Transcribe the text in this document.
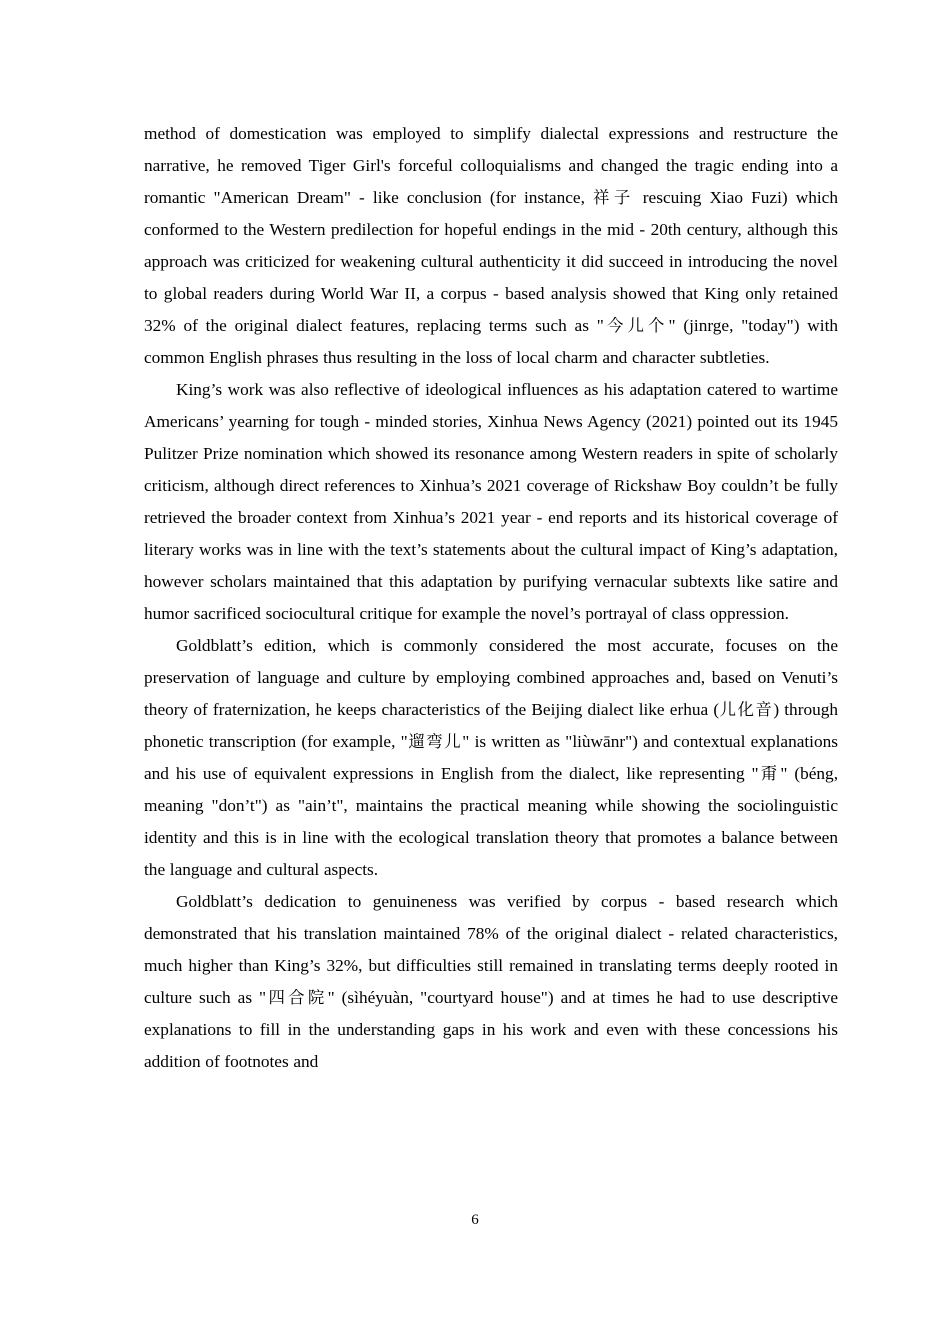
method of domestication was employed to simplify dialectal expressions and restructure the narrative, he removed Tiger Girl's forceful colloquialisms and changed the tragic ending into a romantic "American Dream" - like conclusion (for instance, 祥子 rescuing Xiao Fuzi) which conformed to the Western predilection for hopeful endings in the mid - 20th century, although this approach was criticized for weakening cultural authenticity it did succeed in introducing the novel to global readers during World War II, a corpus - based analysis showed that King only retained 32% of the original dialect features, replacing terms such as "今儿个" (jinrge, "today") with common English phrases thus resulting in the loss of local charm and character subtleties.

King’s work was also reflective of ideological influences as his adaptation catered to wartime Americans’ yearning for tough - minded stories, Xinhua News Agency (2021) pointed out its 1945 Pulitzer Prize nomination which showed its resonance among Western readers in spite of scholarly criticism, although direct references to Xinhua’s 2021 coverage of Rickshaw Boy couldn’t be fully retrieved the broader context from Xinhua’s 2021 year - end reports and its historical coverage of literary works was in line with the text’s statements about the cultural impact of King’s adaptation, however scholars maintained that this adaptation by purifying vernacular subtexts like satire and humor sacrificed sociocultural critique for example the novel’s portrayal of class oppression.

Goldblatt’s edition, which is commonly considered the most accurate, focuses on the preservation of language and culture by employing combined approaches and, based on Venuti’s theory of fraternization, he keeps characteristics of the Beijing dialect like erhua (儿化音) through phonetic transcription (for example, "遛弯儿" is written as "liùwānr") and contextual explanations and his use of equivalent expressions in English from the dialect, like representing "甭" (béng, meaning "don’t") as "ain’t", maintains the practical meaning while showing the sociolinguistic identity and this is in line with the ecological translation theory that promotes a balance between the language and cultural aspects.

Goldblatt’s dedication to genuineness was verified by corpus - based research which demonstrated that his translation maintained 78% of the original dialect - related characteristics, much higher than King’s 32%, but difficulties still remained in translating terms deeply rooted in culture such as "四合院" (sìhéyuàn, "courtyard house") and at times he had to use descriptive explanations to fill in the understanding gaps in his work and even with these concessions his addition of footnotes and

6
